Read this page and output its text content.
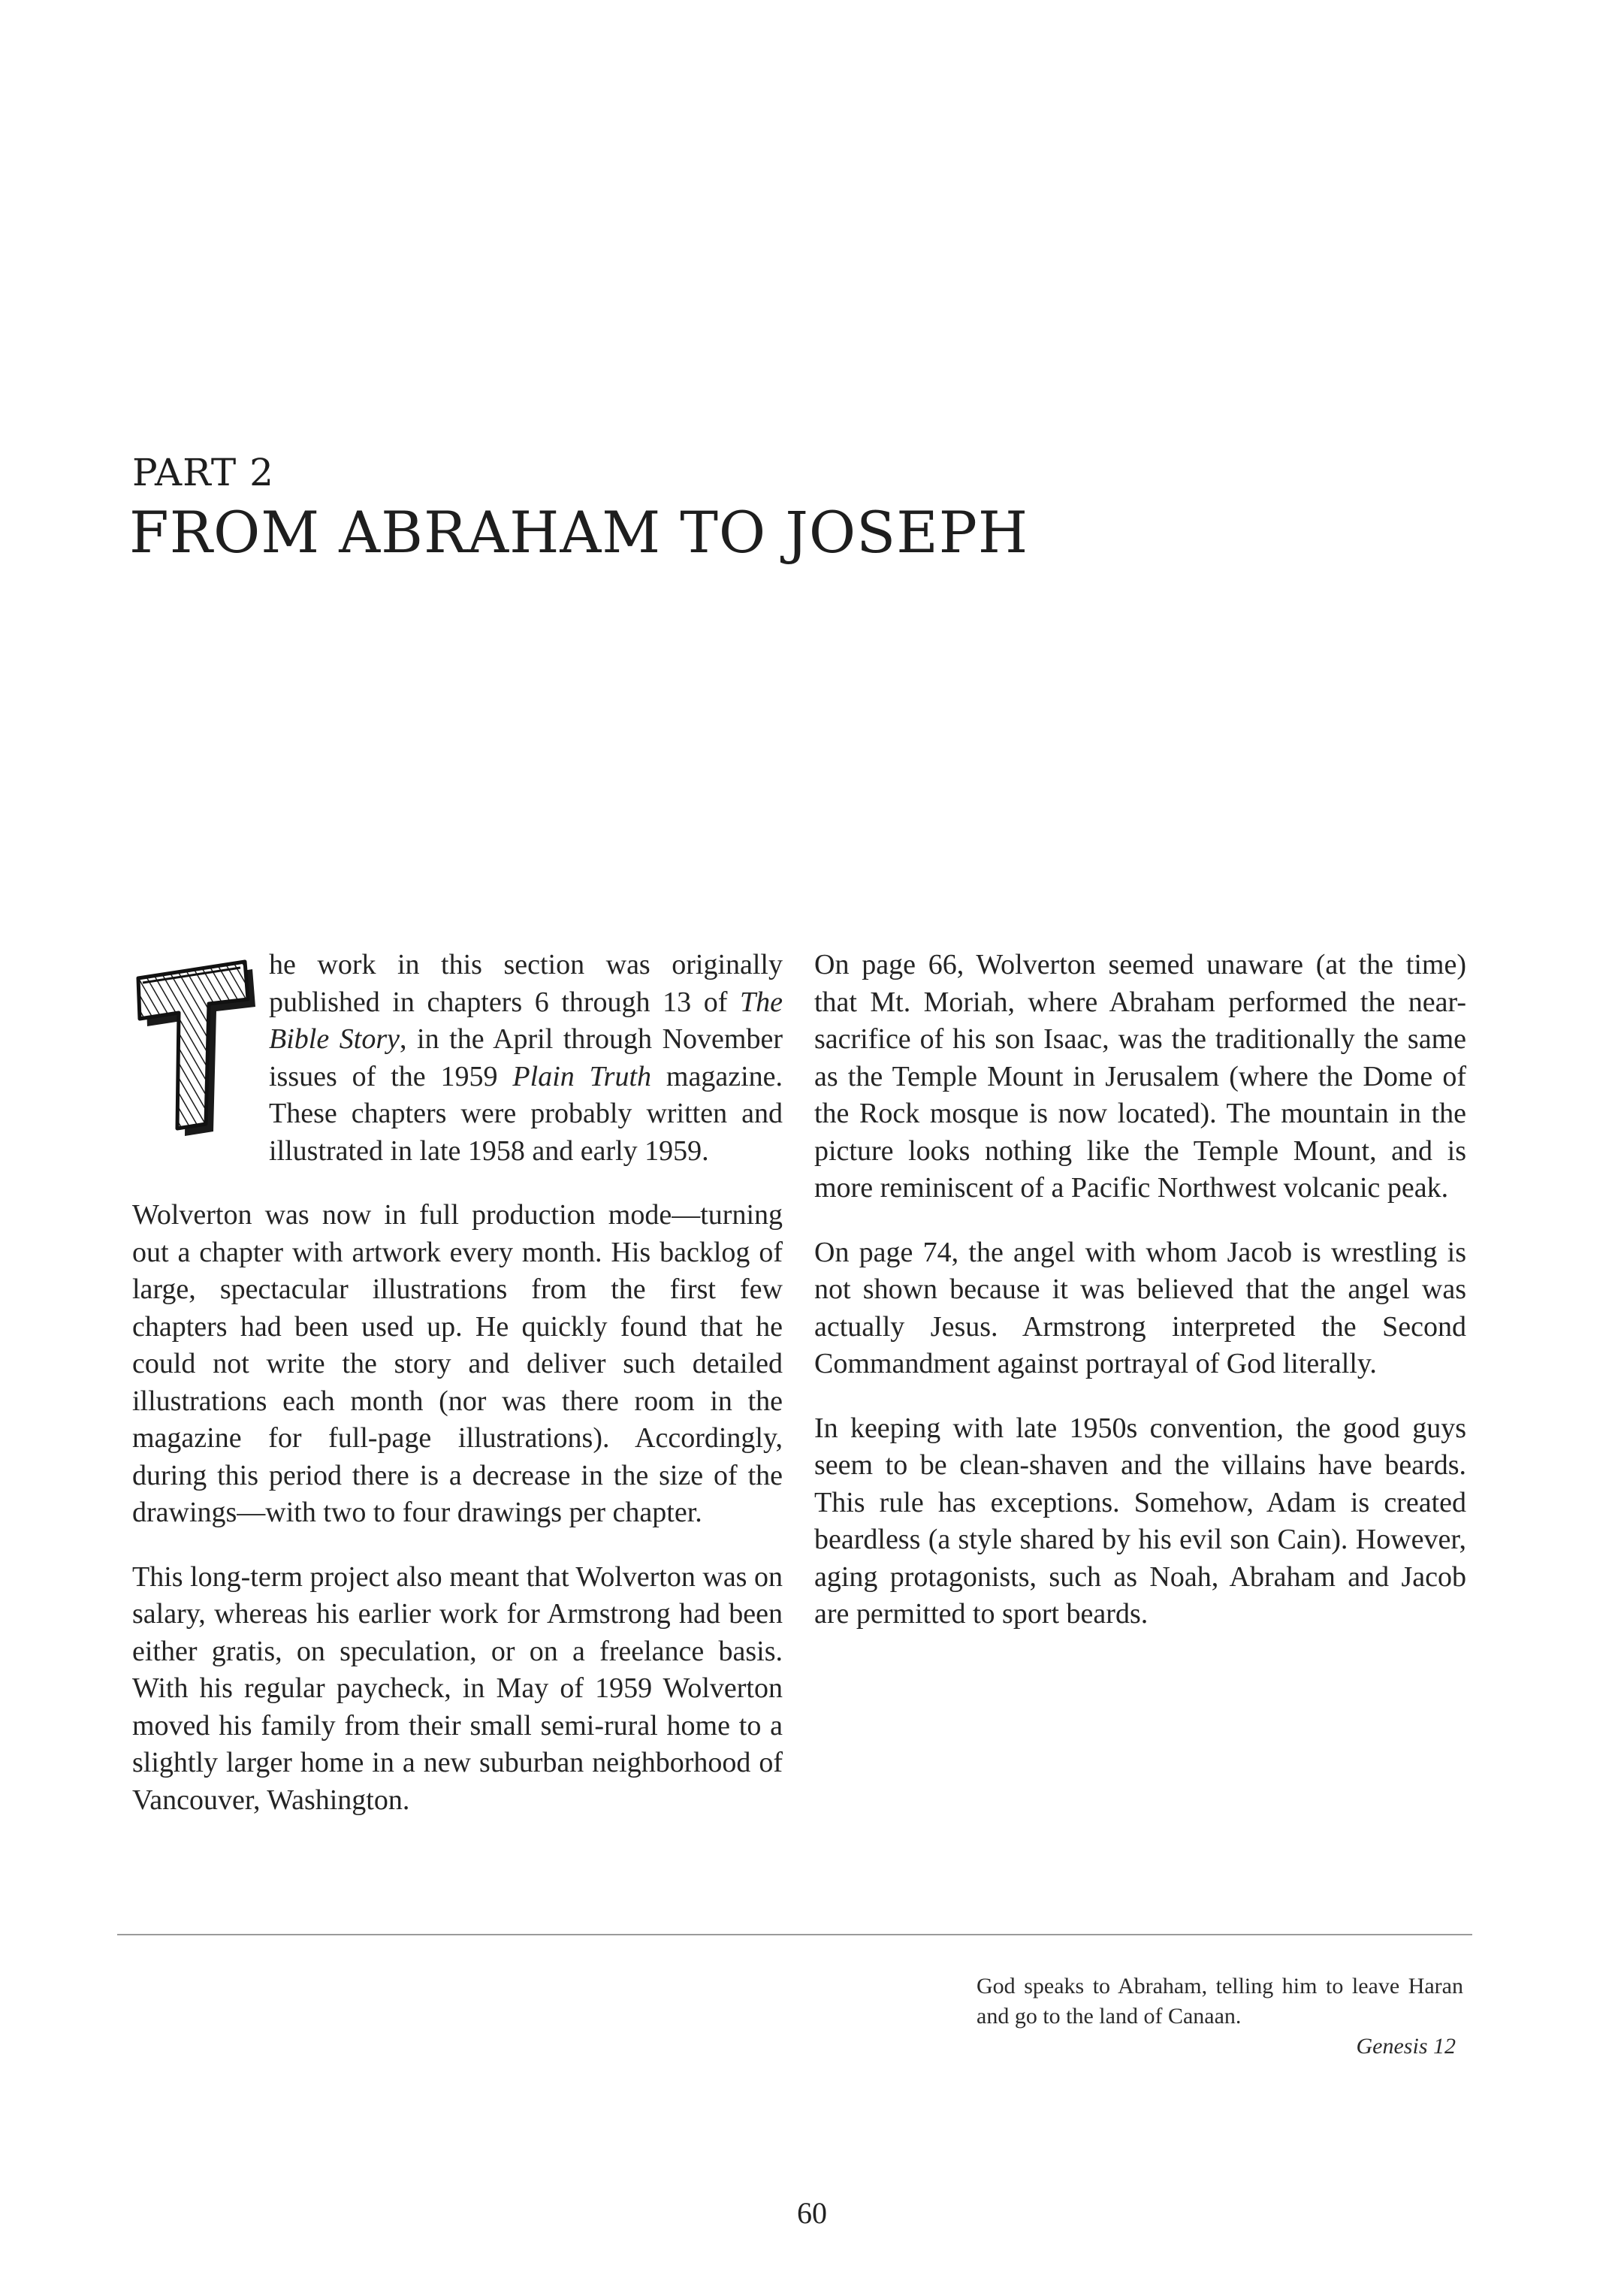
PART 2
FROM ABRAHAM TO JOSEPH

he work in this section was originally published in chapters 6 through 13 of The Bible Story, in the April through November issues of the 1959 Plain Truth magazine. These chapters were probably written and illustrated in late 1958 and early 1959.

Wolverton was now in full production mode—turning out a chapter with artwork every month. His backlog of large, spectacular illustrations from the first few chapters had been used up. He quickly found that he could not write the story and deliver such detailed illustrations each month (nor was there room in the magazine for full-page illustrations). Accordingly, during this period there is a decrease in the size of the drawings—with two to four drawings per chapter.

This long-term project also meant that Wolverton was on salary, whereas his earlier work for Armstrong had been either gratis, on speculation, or on a freelance basis. With his regular paycheck, in May of 1959 Wolverton moved his family from their small semi-rural home to a slightly larger home in a new suburban neighborhood of Vancouver, Washington.

On page 66, Wolverton seemed unaware (at the time) that Mt. Moriah, where Abraham performed the near-sacrifice of his son Isaac, was the traditionally the same as the Temple Mount in Jerusalem (where the Dome of the Rock mosque is now located). The mountain in the picture looks nothing like the Temple Mount, and is more reminiscent of a Pacific Northwest volcanic peak.

On page 74, the angel with whom Jacob is wrestling is not shown because it was believed that the angel was actually Jesus. Armstrong interpreted the Second Commandment against portrayal of God literally.

In keeping with late 1950s convention, the good guys seem to be clean-shaven and the villains have beards. This rule has exceptions. Somehow, Adam is created beardless (a style shared by his evil son Cain). However, aging protagonists, such as Noah, Abraham and Jacob are permitted to sport beards.

God speaks to Abraham, telling him to leave Haran and go to the land of Canaan.
Genesis 12
60
